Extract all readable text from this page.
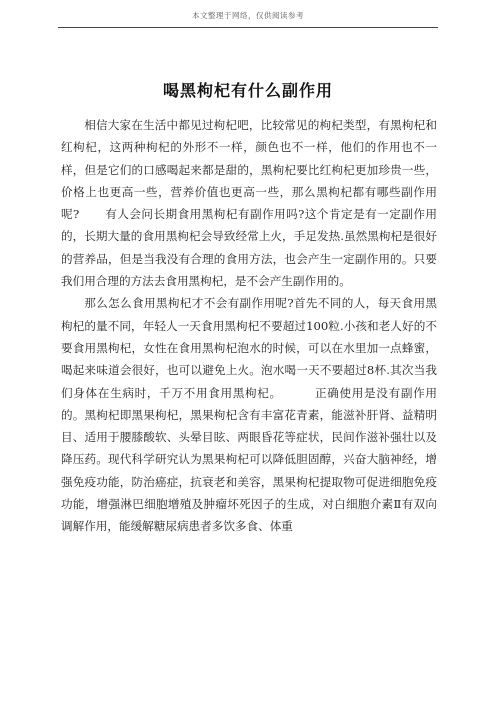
本文整理于网络，仅供阅读参考
喝黑枸杞有什么副作用

相信大家在生活中都见过枸杞吧，比较常见的枸杞类型，有黑枸杞和红枸杞，这两种枸杞的外形不一样，颜色也不一样，他们的作用也不一样，但是它们的口感喝起来都是甜的，黑枸杞要比红枸杞更加珍贵一些，价格上也更高一些，营养价值也更高一些，那么黑枸杞都有哪些副作用呢? 有人会问长期食用黑枸杞有副作用吗?这个肯定是有一定副作用的，长期大量的食用黑枸杞会导致经常上火，手足发热.虽然黑枸杞是很好的营养品，但是当我没有合理的食用方法，也会产生一定副作用的。只要我们用合理的方法去食用黑枸杞，是不会产生副作用的。

那么怎么食用黑枸杞才不会有副作用呢?首先不同的人，每天食用黑枸杞的量不同，年轻人一天食用黑枸杞不要超过100粒.小孩和老人好的不要食用黑枸杞，女性在食用黑枸杞泡水的时候，可以在水里加一点蜂蜜，喝起来味道会很好，也可以避免上火。泡水喝一天不要超过8杯.其次当我们身体在生病时，千万不用食用黑枸杞。	正确使用是没有副作用的。黑枸杞即黑果枸杞，黑果枸杞含有丰富花青素，能滋补肝肾、益精明目、适用于腰膝酸软、头晕目眩、两眼昏花等症状，民间作滋补强壮以及降压药。现代科学研究认为黑果枸杞可以降低胆固醇，兴奋大脑神经，增强免疫功能，防治癌症，抗衰老和美容，黑果枸杞提取物可促进细胞免疫功能，增强淋巴细胞增殖及肿瘤坏死因子的生成，对白细胞介素Ⅱ有双向调解作用，能缓解糖尿病患者多饮多食、体重
